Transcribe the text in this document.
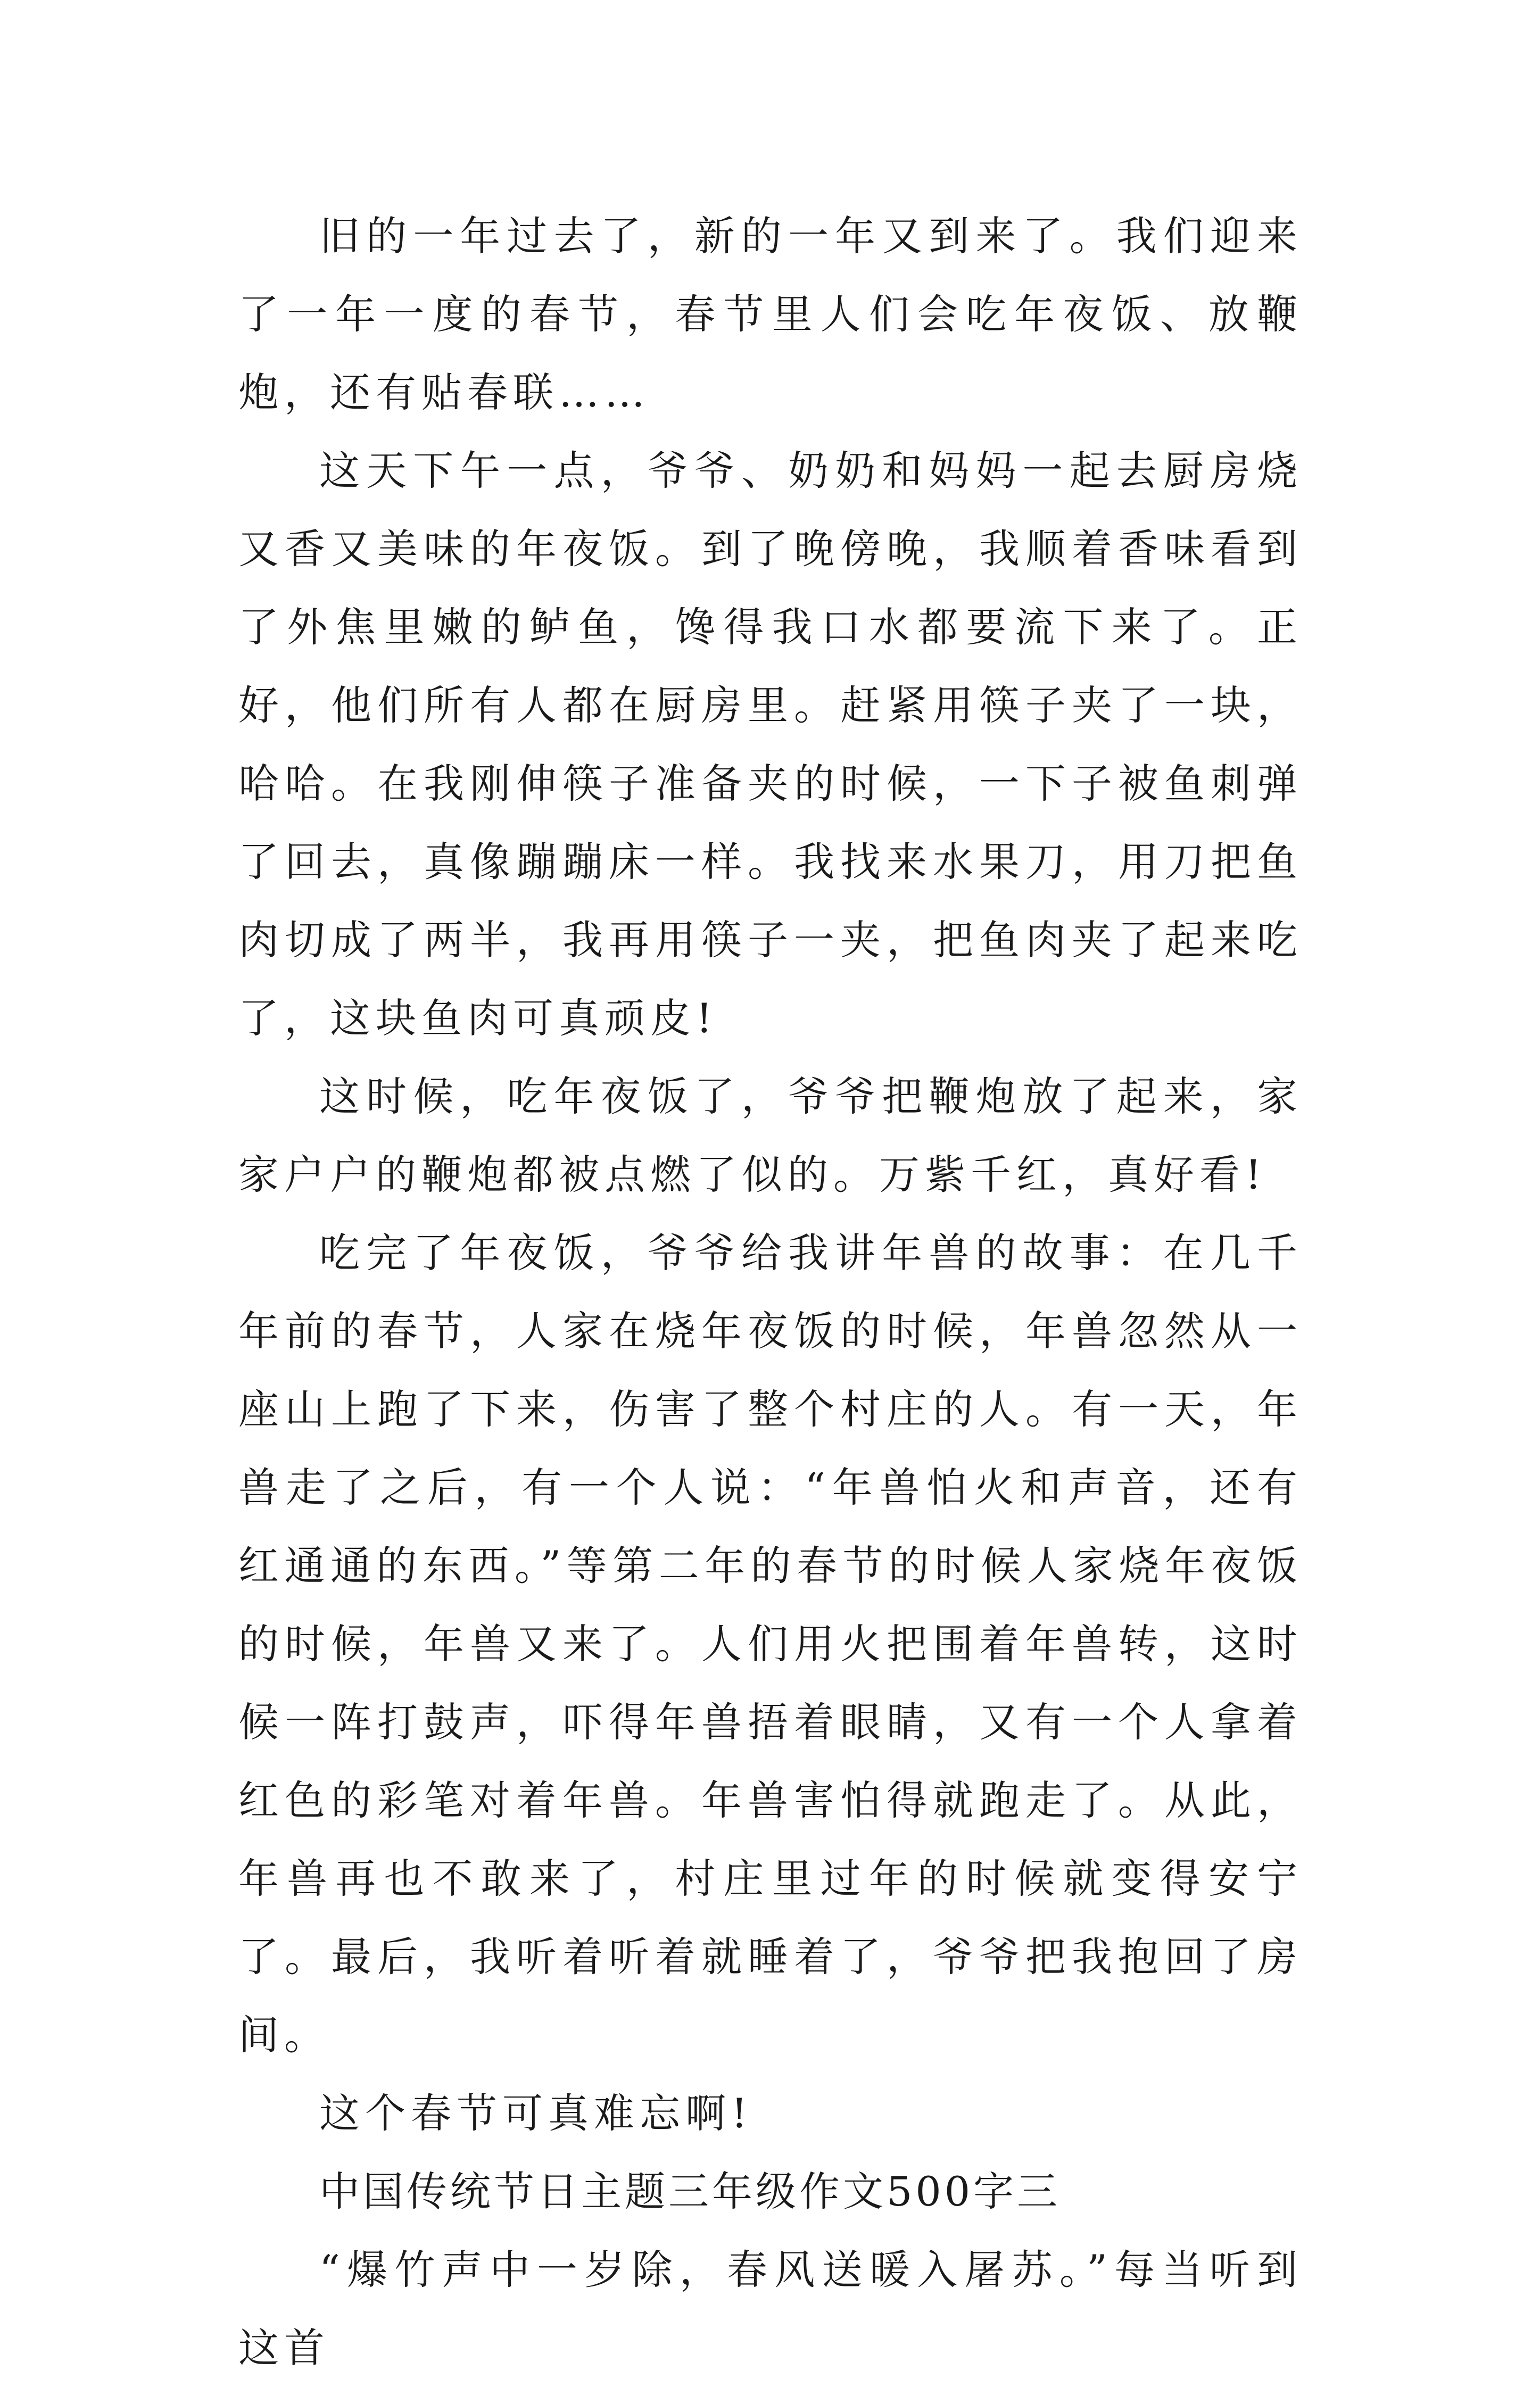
旧的一年过去了，新的一年又到来了。我们迎来了一年一度的春节，春节里人们会吃年夜饭、放鞭炮，还有贴春联……

这天下午一点，爷爷、奶奶和妈妈一起去厨房烧又香又美味的年夜饭。到了晚傍晚，我顺着香味看到了外焦里嫩的鲈鱼，馋得我口水都要流下来了。正好，他们所有人都在厨房里。赶紧用筷子夹了一块，哈哈。在我刚伸筷子准备夹的时候，一下子被鱼刺弹了回去，真像蹦蹦床一样。我找来水果刀，用刀把鱼肉切成了两半，我再用筷子一夹，把鱼肉夹了起来吃了，这块鱼肉可真顽皮!

这时候，吃年夜饭了，爷爷把鞭炮放了起来，家家户户的鞭炮都被点燃了似的。万紫千红，真好看!

吃完了年夜饭，爷爷给我讲年兽的故事：在几千年前的春节，人家在烧年夜饭的时候，年兽忽然从一座山上跑了下来，伤害了整个村庄的人。有一天，年兽走了之后，有一个人说：“年兽怕火和声音，还有红通通的东西。”等第二年的春节的时候人家烧年夜饭的时候，年兽又来了。人们用火把围着年兽转，这时候一阵打鼓声，吓得年兽捂着眼睛，又有一个人拿着红色的彩笔对着年兽。年兽害怕得就跑走了。从此，年兽再也不敢来了，村庄里过年的时候就变得安宁了。最后，我听着听着就睡着了，爷爷把我抱回了房间。

这个春节可真难忘啊!

中国传统节日主题三年级作文500字三

“爆竹声中一岁除，春风送暖入屠苏。”每当听到这首
